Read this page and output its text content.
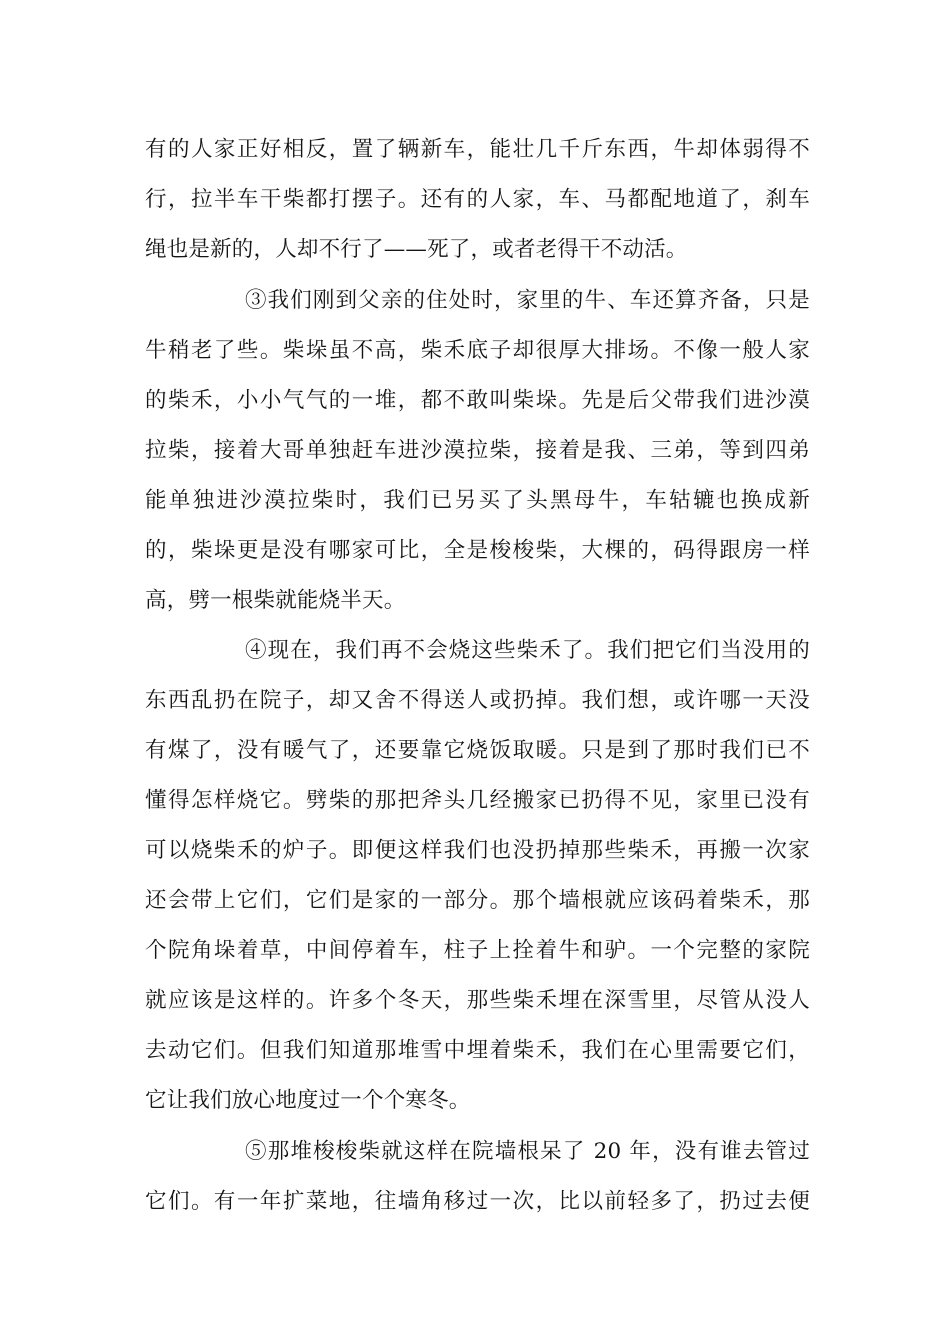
有的人家正好相反，置了辆新车，能壮几千斤东西，牛却体弱得不
行，拉半车干柴都打摆子。还有的人家，车、马都配地道了，刹车
绳也是新的，人却不行了——死了，或者老得干不动活。
③我们刚到父亲的住处时，家里的牛、车还算齐备，只是
牛稍老了些。柴垛虽不高，柴禾底子却很厚大排场。不像一般人家
的柴禾，小小气气的一堆，都不敢叫柴垛。先是后父带我们进沙漠
拉柴，接着大哥单独赶车进沙漠拉柴，接着是我、三弟，等到四弟
能单独进沙漠拉柴时，我们已另买了头黑母牛，车轱辘也换成新
的，柴垛更是没有哪家可比，全是梭梭柴，大棵的，码得跟房一样
高，劈一根柴就能烧半天。
④现在，我们再不会烧这些柴禾了。我们把它们当没用的
东西乱扔在院子，却又舍不得送人或扔掉。我们想，或许哪一天没
有煤了，没有暖气了，还要靠它烧饭取暖。只是到了那时我们已不
懂得怎样烧它。劈柴的那把斧头几经搬家已扔得不见，家里已没有
可以烧柴禾的炉子。即便这样我们也没扔掉那些柴禾，再搬一次家
还会带上它们，它们是家的一部分。那个墙根就应该码着柴禾，那
个院角垛着草，中间停着车，柱子上拴着牛和驴。一个完整的家院
就应该是这样的。许多个冬天，那些柴禾埋在深雪里，尽管从没人
去动它们。但我们知道那堆雪中埋着柴禾，我们在心里需要它们，
它让我们放心地度过一个个寒冬。
⑤那堆梭梭柴就这样在院墙根呆了 20 年，没有谁去管过
它们。有一年扩菜地，往墙角移过一次，比以前轻多了，扔过去便
